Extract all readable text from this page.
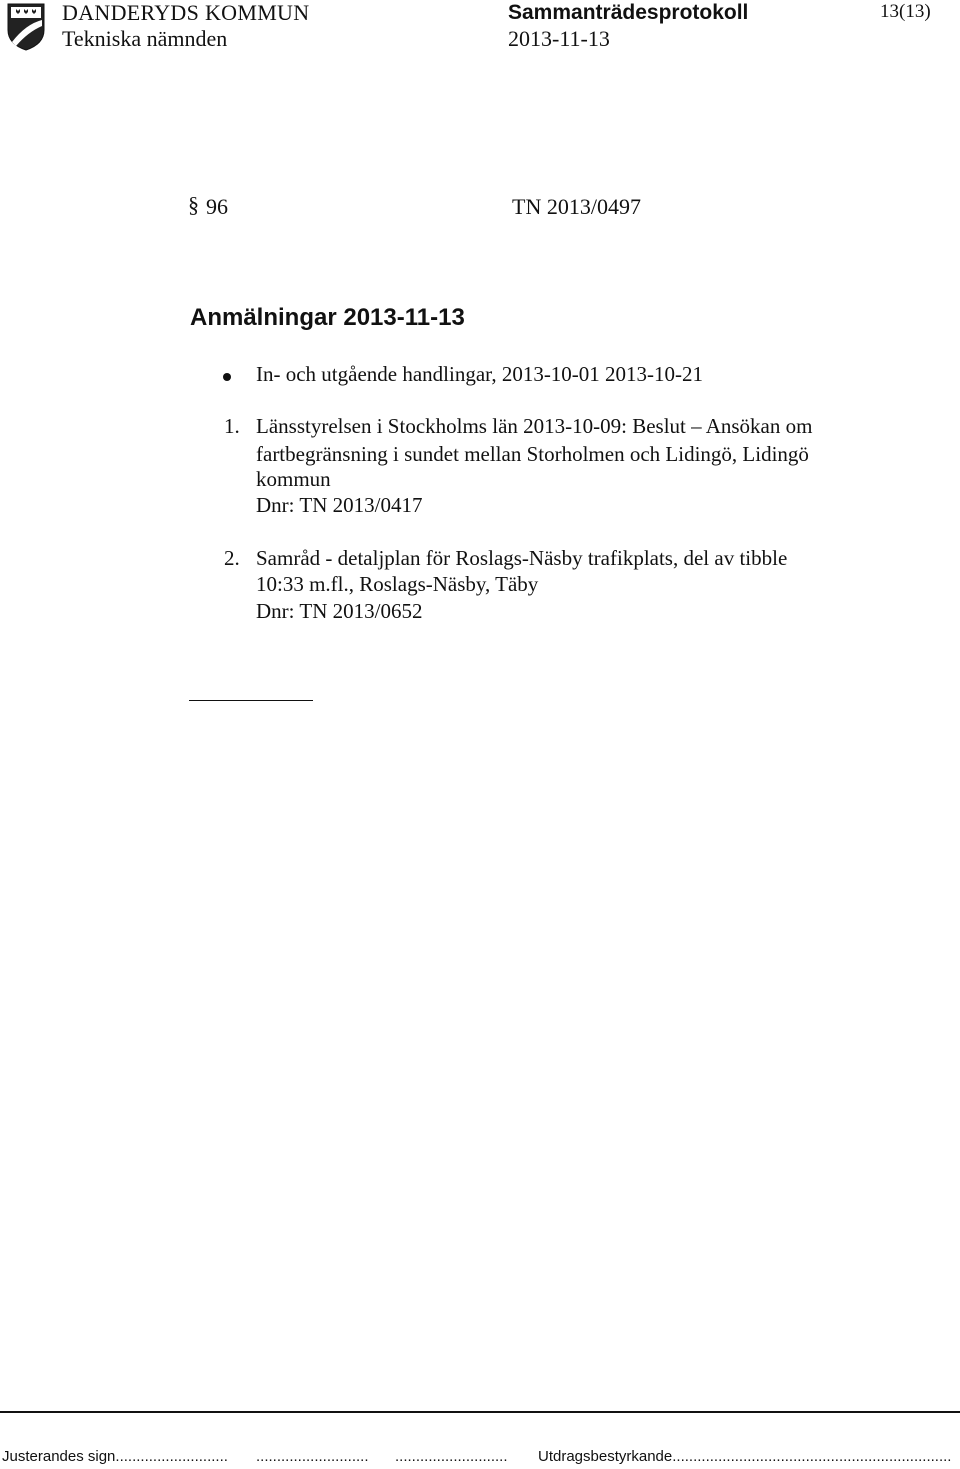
DANDERYDS KOMMUN
Tekniska nämnden
Sammanträdesprotokoll
2013-11-13
13(13)
§ 96	TN 2013/0497
Anmälningar 2013-11-13
In- och utgående handlingar, 2013-10-01 2013-10-21
1. Länsstyrelsen i Stockholms län 2013-10-09: Beslut – Ansökan om
fartbegränsning i sundet mellan Storholmen och Lidingö, Lidingö
kommun
Dnr: TN 2013/0417
2. Samråd - detaljplan för Roslags-Näsby trafikplats, del av tibble
10:33 m.fl., Roslags-Näsby, Täby
Dnr: TN 2013/0652
Justerandes sign........................... ........................... ........................... Utdragsbestyrkande...................................................................
